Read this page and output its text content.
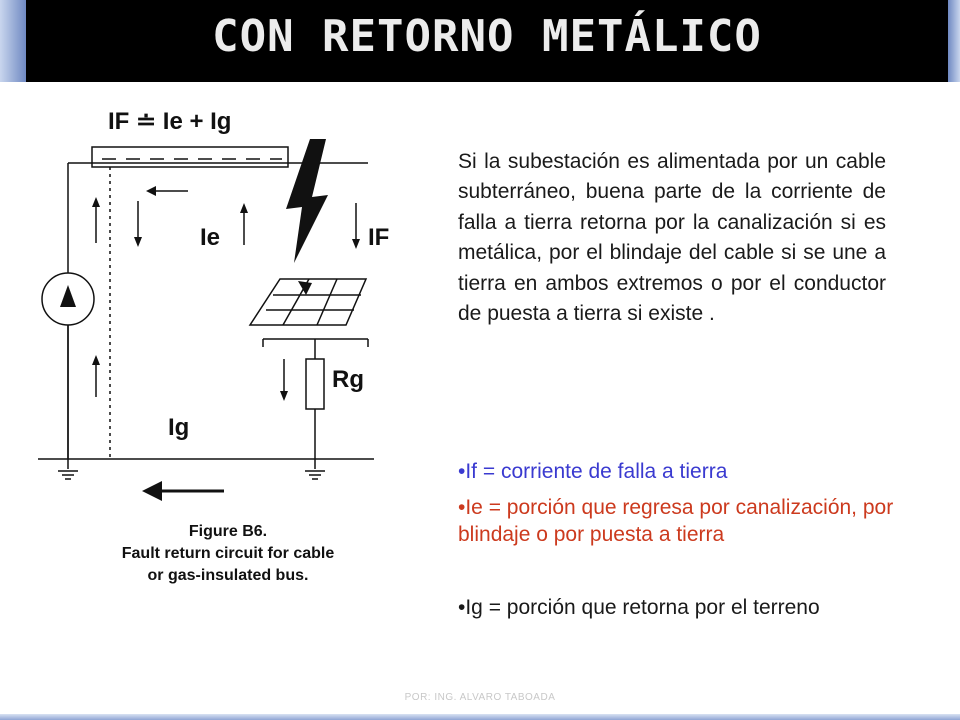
CON RETORNO METÁLICO
IF ≐ Ie + Ig
Ie	IF
Ig
Rg
Figure B6.
Fault return circuit for cable
or gas-insulated bus.

Si la subestación es alimentada por un cable subterráneo, buena parte de la corriente de falla a tierra retorna por la canalización si es metálica, por el blindaje del cable si se une a tierra en ambos extremos o por el conductor de puesta a tierra si existe .

•If = corriente de falla a tierra

•Ie = porción que regresa por canalización, por blindaje o por puesta a tierra

•Ig = porción que retorna por el terreno

POR: ING. ALVARO TABOADA
